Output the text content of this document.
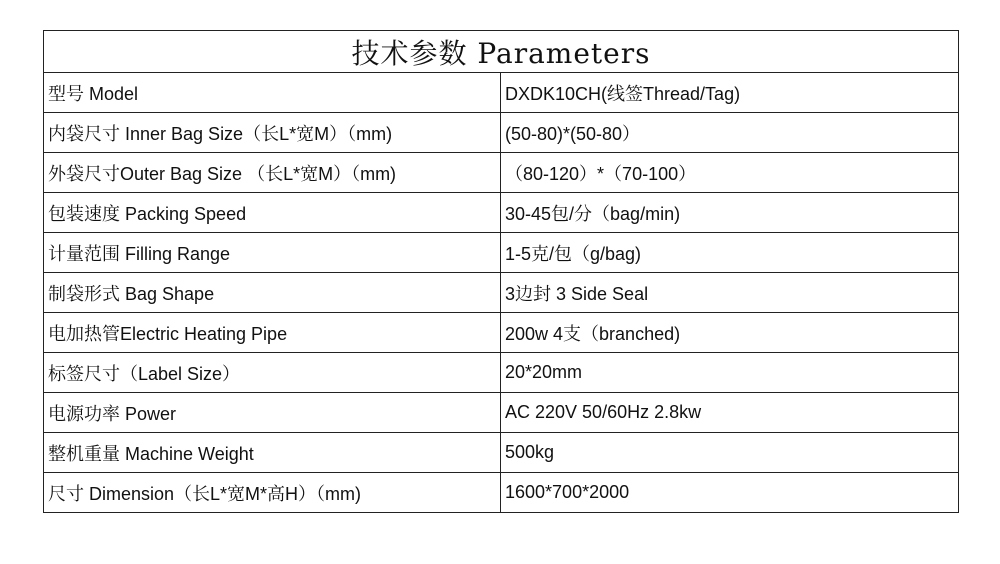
技术参数 Parameters	
型号 Model	DXDK10CH(线签Thread/Tag)
内袋尺寸 Inner Bag Size（长L*宽M）（mm)	(50-80)*(50-80）
外袋尺寸Outer Bag Size （长L*宽M）（mm)	（80-120）*（70-100）
包装速度 Packing Speed	30-45包/分（bag/min)
计量范围 Filling Range	1-5克/包（g/bag)
制袋形式 Bag Shape	3边封 3 Side Seal
电加热管Electric Heating Pipe	200w 4支（branched)
标签尺寸（Label Size）	20*20mm
电源功率 Power	AC 220V 50/60Hz 2.8kw
整机重量 Machine Weight	500kg
尺寸 Dimension（长L*宽M*高H）（mm)	1600*700*2000
